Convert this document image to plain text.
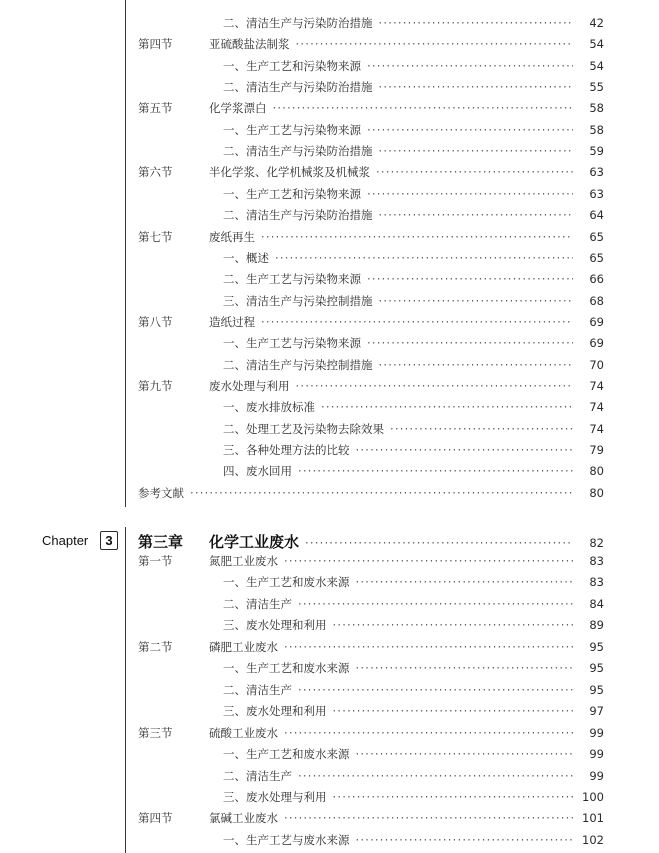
二、清洁生产与污染防治措施 ·····	42
第四节	亚硫酸盐法制浆 ·····	54
一、生产工艺和污染物来源 ·····	54
二、清洁生产与污染防治措施 ·····	55
第五节	化学浆漂白 ·····	58
一、生产工艺与污染物来源 ·····	58
二、清洁生产与污染防治措施 ·····	59
第六节	半化学浆、化学机械浆及机械浆 ·····	63
一、生产工艺和污染物来源 ·····	63
二、清洁生产与污染防治措施 ·····	64
第七节	废纸再生 ·····	65
一、概述 ·····	65
二、生产工艺与污染物来源 ·····	66
三、清洁生产与污染控制措施 ·····	68
第八节	造纸过程 ·····	69
一、生产工艺与污染物来源 ·····	69
二、清洁生产与污染控制措施 ·····	70
第九节	废水处理与利用 ·····	74
一、废水排放标准 ·····	74
二、处理工艺及污染物去除效果 ·····	74
三、各种处理方法的比较 ·····	79
四、废水回用 ·····	80
参考文献 ·····	80
Chapter	3	第三章 化学工业废水 ·····	82
第一节	氮肥工业废水 ·····	83
一、生产工艺和废水来源 ·····	83
二、清洁生产 ·····	84
三、废水处理和利用 ·····	89
第二节	磷肥工业废水 ·····	95
一、生产工艺和废水来源 ·····	95
二、清洁生产 ·····	95
三、废水处理和利用 ·····	97
第三节	硫酸工业废水 ·····	99
一、生产工艺和废水来源 ·····	99
二、清洁生产 ·····	99
三、废水处理与利用 ·····	100
第四节	氯碱工业废水 ·····	101
一、生产工艺与废水来源 ·····	102
